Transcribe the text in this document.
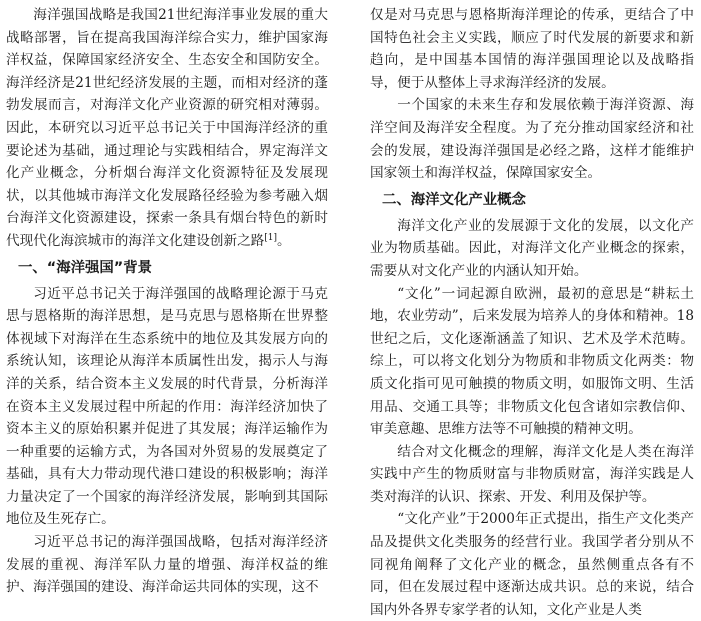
海洋强国战略是我国21世纪海洋事业发展的重大战略部署，旨在提高我国海洋综合实力，维护国家海洋权益，保障国家经济安全、生态安全和国防安全。海洋经济是21世纪经济发展的主题，而相对经济的蓬勃发展而言，对海洋文化产业资源的研究相对薄弱。因此，本研究以习近平总书记关于中国海洋经济的重要论述为基础，通过理论与实践相结合，界定海洋文化产业概念，分析烟台海洋文化资源特征及发展现状，以其他城市海洋文化发展路径经验为参考融入烟台海洋文化资源建设，探索一条具有烟台特色的新时代现代化海滨城市的海洋文化建设创新之路[1]。

一、“海洋强国”背景

习近平总书记关于海洋强国的战略理论源于马克思与恩格斯的海洋思想，是马克思与恩格斯在世界整体视域下对海洋在生态系统中的地位及其发展方向的系统认知，该理论从海洋本质属性出发，揭示人与海洋的关系，结合资本主义发展的时代背景，分析海洋在资本主义发展过程中所起的作用：海洋经济加快了资本主义的原始积累并促进了其发展；海洋运输作为一种重要的运输方式，为各国对外贸易的发展奠定了基础，具有大力带动现代港口建设的积极影响；海洋力量决定了一个国家的海洋经济发展，影响到其国际地位及生死存亡。

习近平总书记的海洋强国战略，包括对海洋经济发展的重视、海洋军队力量的增强、海洋权益的维护、海洋强国的建设、海洋命运共同体的实现，这不

仅是对马克思与恩格斯海洋理论的传承，更结合了中国特色社会主义实践，顺应了时代发展的新要求和新趋向，是中国基本国情的海洋强国理论以及战略指导，便于从整体上寻求海洋经济的发展。

一个国家的未来生存和发展依赖于海洋资源、海洋空间及海洋安全程度。为了充分推动国家经济和社会的发展，建设海洋强国是必经之路，这样才能维护国家领土和海洋权益，保障国家安全。

二、海洋文化产业概念

海洋文化产业的发展源于文化的发展，以文化产业为物质基础。因此，对海洋文化产业概念的探索，需要从对文化产业的内涵认知开始。

“文化”一词起源自欧洲，最初的意思是“耕耘土地，农业劳动”，后来发展为培养人的身体和精神。18世纪之后，文化逐渐涵盖了知识、艺术及学术范畴。综上，可以将文化划分为物质和非物质文化两类：物质文化指可见可触摸的物质文明，如服饰文明、生活用品、交通工具等；非物质文化包含诸如宗教信仰、审美意趣、思维方法等不可触摸的精神文明。

结合对文化概念的理解，海洋文化是人类在海洋实践中产生的物质财富与非物质财富，海洋实践是人类对海洋的认识、探索、开发、利用及保护等。

“文化产业”于2000年正式提出，指生产文化类产品及提供文化类服务的经营行业。我国学者分别从不同视角阐释了文化产业的概念，虽然侧重点各有不同，但在发展过程中逐渐达成共识。总的来说，结合国内外各界专家学者的认知，文化产业是人类
